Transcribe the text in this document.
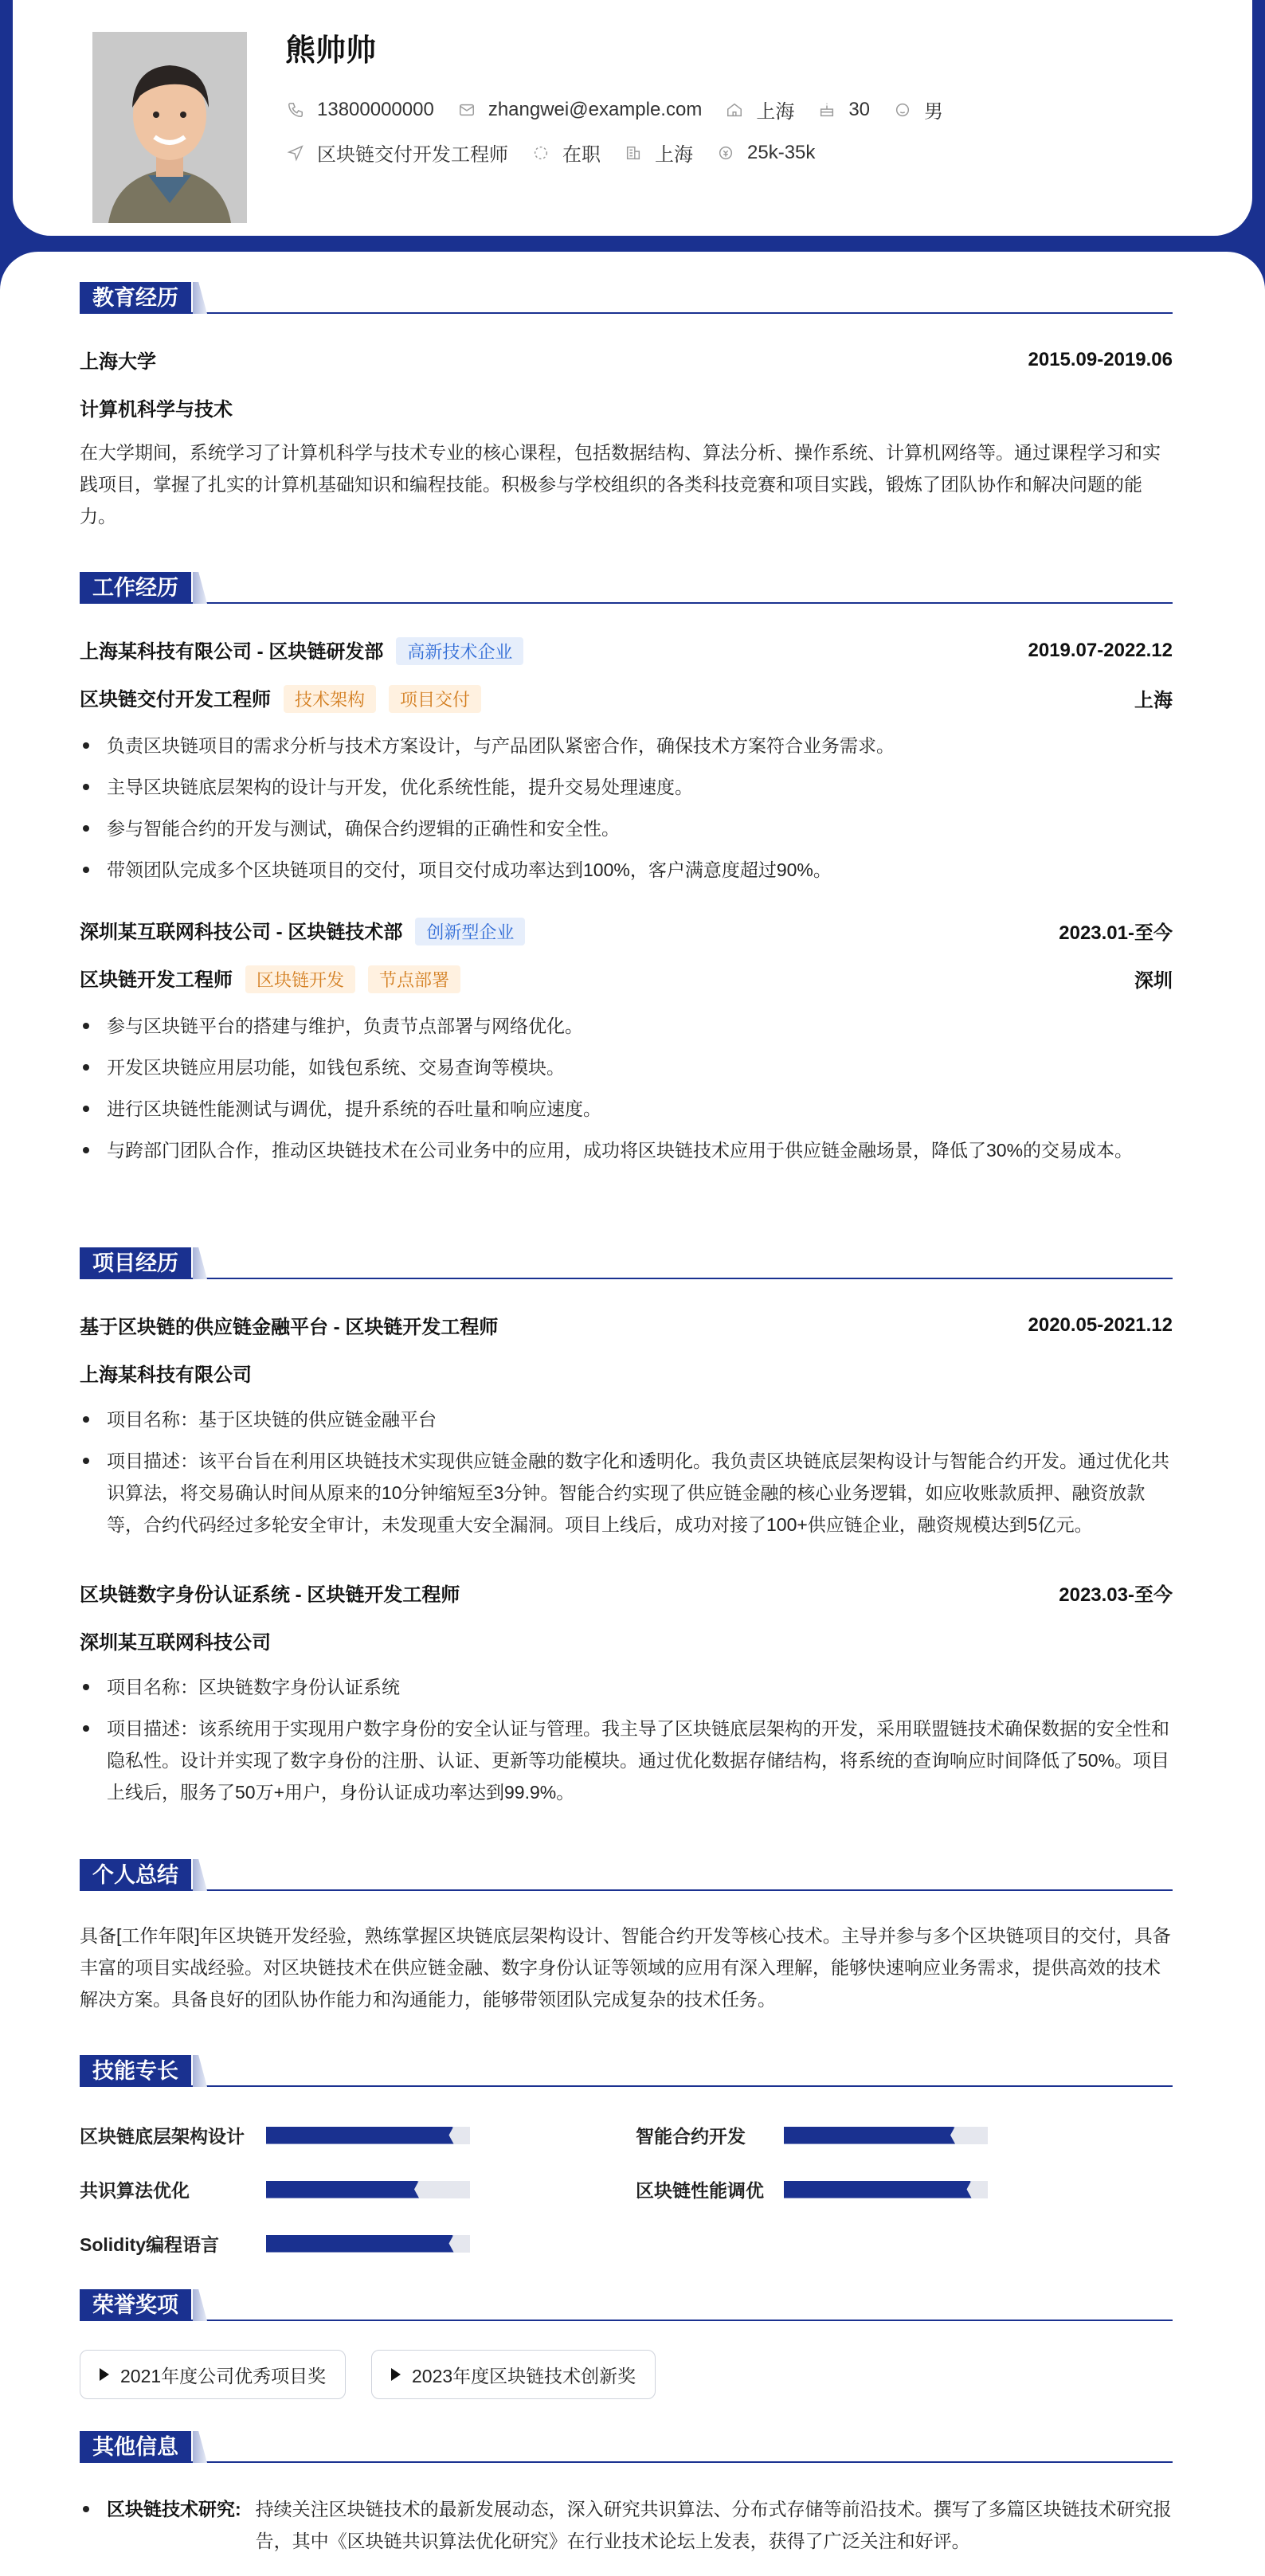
熊帅帅
13800000000	zhangwei@example.com	上海	30	男
区块链交付开发工程师	在职	上海	25k-35k
教育经历
上海大学	2015.09-2019.06
计算机科学与技术
在大学期间，系统学习了计算机科学与技术专业的核心课程，包括数据结构、算法分析、操作系统、计算机网络等。通过课程学习和实践项目，掌握了扎实的计算机基础知识和编程技能。积极参与学校组织的各类科技竞赛和项目实践，锻炼了团队协作和解决问题的能力。
工作经历
上海某科技有限公司 - 区块链研发部 高新技术企业	2019.07-2022.12
区块链交付开发工程师 技术架构 项目交付	上海
负责区块链项目的需求分析与技术方案设计，与产品团队紧密合作，确保技术方案符合业务需求。
主导区块链底层架构的设计与开发，优化系统性能，提升交易处理速度。
参与智能合约的开发与测试，确保合约逻辑的正确性和安全性。
带领团队完成多个区块链项目的交付，项目交付成功率达到100%，客户满意度超过90%。
深圳某互联网科技公司 - 区块链技术部 创新型企业	2023.01-至今
区块链开发工程师 区块链开发 节点部署	深圳
参与区块链平台的搭建与维护，负责节点部署与网络优化。
开发区块链应用层功能，如钱包系统、交易查询等模块。
进行区块链性能测试与调优，提升系统的吞吐量和响应速度。
与跨部门团队合作，推动区块链技术在公司业务中的应用，成功将区块链技术应用于供应链金融场景，降低了30%的交易成本。
项目经历
基于区块链的供应链金融平台 - 区块链开发工程师	2020.05-2021.12
上海某科技有限公司
项目名称：基于区块链的供应链金融平台
项目描述：该平台旨在利用区块链技术实现供应链金融的数字化和透明化。我负责区块链底层架构设计与智能合约开发。通过优化共识算法，将交易确认时间从原来的10分钟缩短至3分钟。智能合约实现了供应链金融的核心业务逻辑，如应收账款质押、融资放款等，合约代码经过多轮安全审计，未发现重大安全漏洞。项目上线后，成功对接了100+供应链企业，融资规模达到5亿元。
区块链数字身份认证系统 - 区块链开发工程师	2023.03-至今
深圳某互联网科技公司
项目名称：区块链数字身份认证系统
项目描述：该系统用于实现用户数字身份的安全认证与管理。我主导了区块链底层架构的开发，采用联盟链技术确保数据的安全性和隐私性。设计并实现了数字身份的注册、认证、更新等功能模块。通过优化数据存储结构，将系统的查询响应时间降低了50%。项目上线后，服务了50万+用户，身份认证成功率达到99.9%。
个人总结
具备[工作年限]年区块链开发经验，熟练掌握区块链底层架构设计、智能合约开发等核心技术。主导并参与多个区块链项目的交付，具备丰富的项目实战经验。对区块链技术在供应链金融、数字身份认证等领域的应用有深入理解，能够快速响应业务需求，提供高效的技术解决方案。具备良好的团队协作能力和沟通能力，能够带领团队完成复杂的技术任务。
技能专长
区块链底层架构设计	智能合约开发
共识算法优化	区块链性能调优
Solidity编程语言
荣誉奖项
2021年度公司优秀项目奖	2023年度区块链技术创新奖
其他信息
区块链技术研究: 持续关注区块链技术的最新发展动态，深入研究共识算法、分布式存储等前沿技术。撰写了多篇区块链技术研究报告，其中《区块链共识算法优化研究》在行业技术论坛上发表，获得了广泛关注和好评。
